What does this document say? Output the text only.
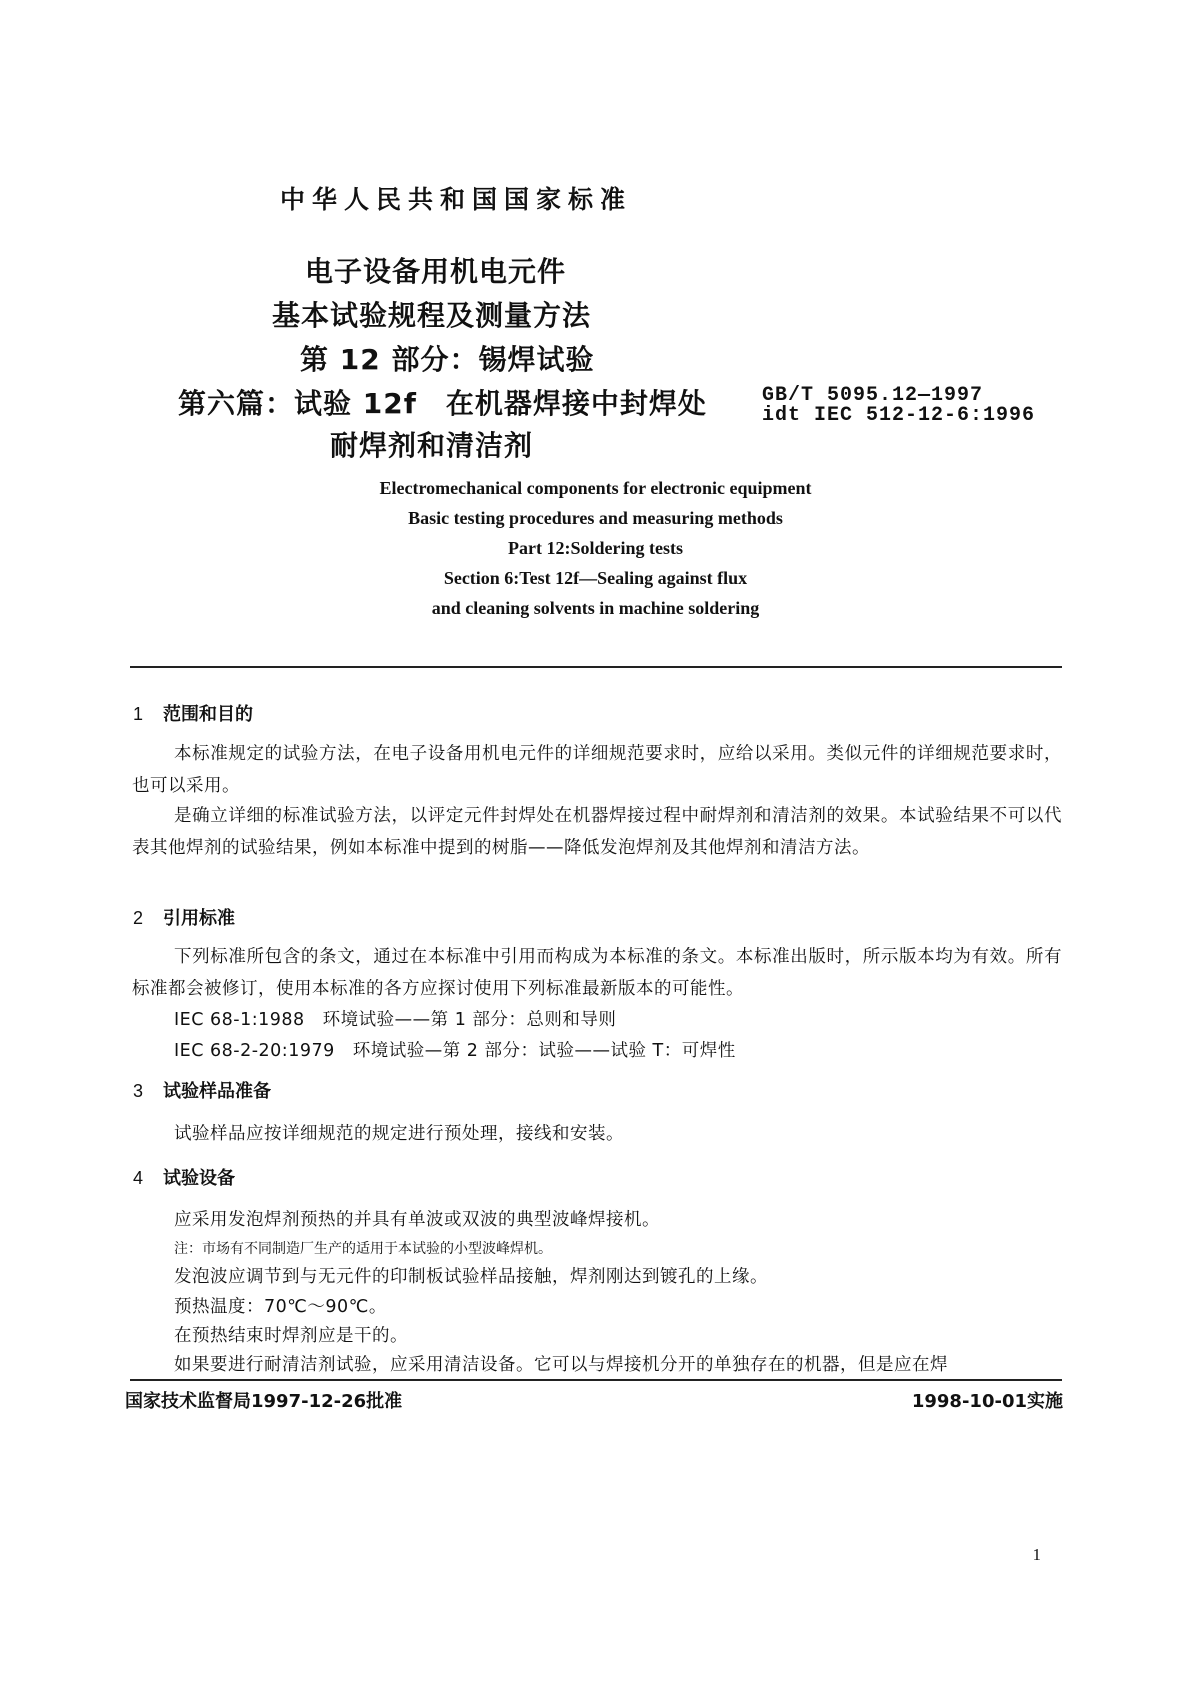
中华人民共和国国家标准
电子设备用机电元件
基本试验规程及测量方法
第 12 部分：锡焊试验
第六篇：试验 12f　在机器焊接中封焊处
耐焊剂和清洁剂
GB/T 5095.12—1997
idt IEC 512-12-6:1996
Electromechanical components for electronic equipment
Basic testing procedures and measuring methods
Part 12:Soldering tests
Section 6:Test 12f—Sealing against flux
and cleaning solvents in machine soldering
1 范围和目的
本标准规定的试验方法，在电子设备用机电元件的详细规范要求时，应给以采用。类似元件的详细规范要求时，也可以采用。
是确立详细的标准试验方法，以评定元件封焊处在机器焊接过程中耐焊剂和清洁剂的效果。本试验结果不可以代表其他焊剂的试验结果，例如本标准中提到的树脂——降低发泡焊剂及其他焊剂和清洁方法。
2 引用标准
下列标准所包含的条文，通过在本标准中引用而构成为本标准的条文。本标准出版时，所示版本均为有效。所有标准都会被修订，使用本标准的各方应探讨使用下列标准最新版本的可能性。
IEC 68-1:1988　环境试验——第 1 部分：总则和导则
IEC 68-2-20:1979　环境试验—第 2 部分：试验——试验 T：可焊性
3 试验样品准备
试验样品应按详细规范的规定进行预处理，接线和安装。
4 试验设备
应采用发泡焊剂预热的并具有单波或双波的典型波峰焊接机。
注：市场有不同制造厂生产的适用于本试验的小型波峰焊机。
发泡波应调节到与无元件的印制板试验样品接触，焊剂刚达到镀孔的上缘。
预热温度：70℃～90℃。
在预热结束时焊剂应是干的。
如果要进行耐清洁剂试验，应采用清洁设备。它可以与焊接机分开的单独存在的机器，但是应在焊
国家技术监督局1997-12-26批准	1998-10-01实施
1
